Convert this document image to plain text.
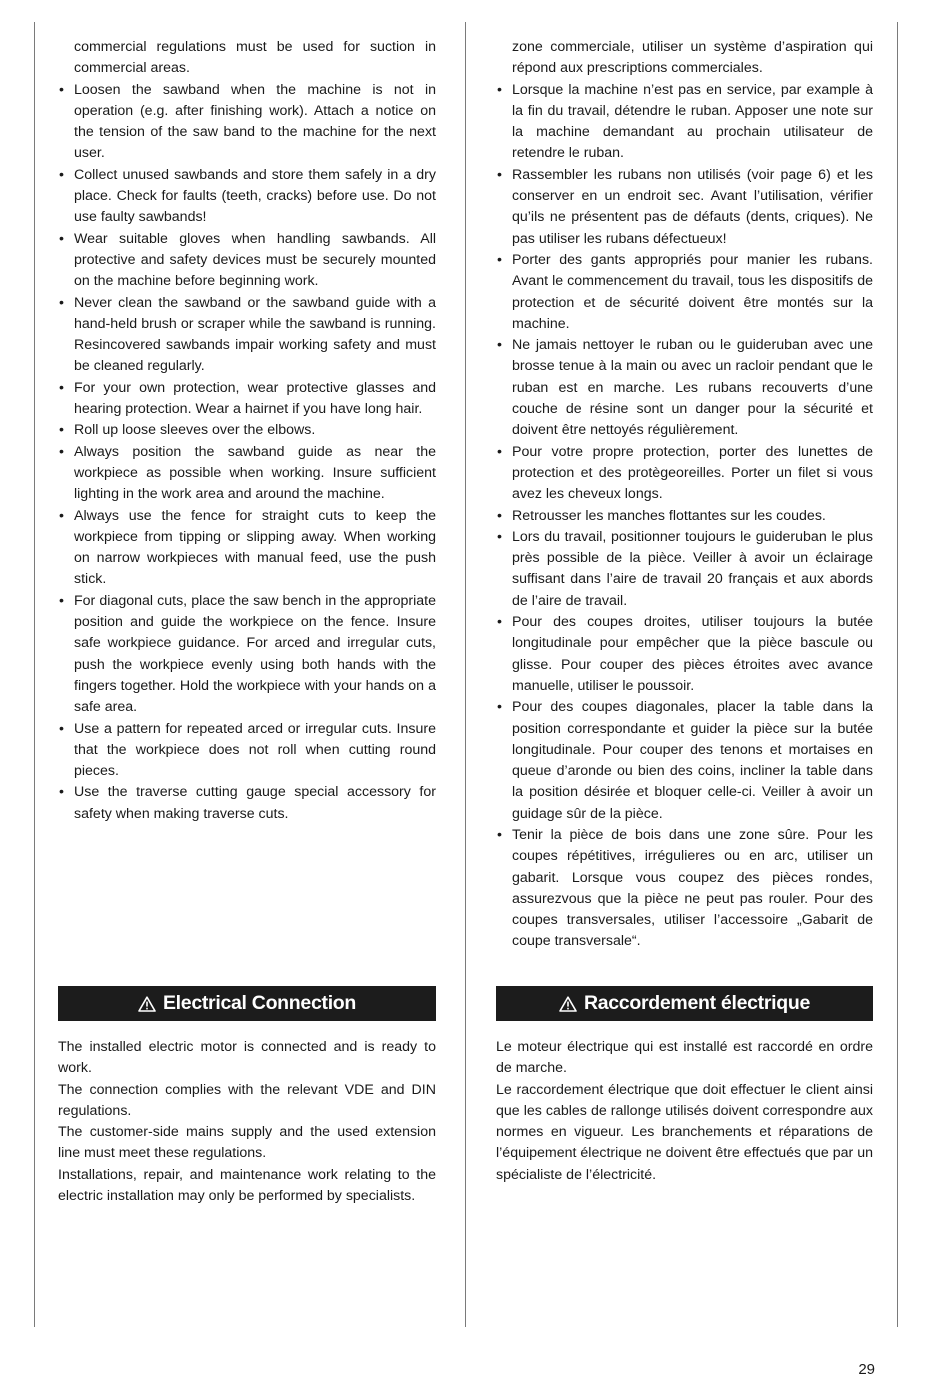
commercial regulations must be used for suction in commercial areas.
• Loosen the sawband when the machine is not in operation (e.g. after finishing work). Attach a notice on the tension of the saw band to the machine for the next user.
• Collect unused sawbands and store them safely in a dry place. Check for faults (teeth, cracks) before use. Do not use faulty sawbands!
• Wear suitable gloves when handling sawbands. All protective and safety devices must be securely mounted on the machine before beginning work.
• Never clean the sawband or the sawband guide with a hand-held brush or scraper while the sawband is running. Resincovered sawbands impair working safety and must be cleaned regularly.
• For your own protection, wear protective glasses and hearing protection. Wear a hairnet if you have long hair.
• Roll up loose sleeves over the elbows.
• Always position the sawband guide as near the workpiece as possible when working. Insure sufficient lighting in the work area and around the machine.
• Always use the fence for straight cuts to keep the workpiece from tipping or slipping away. When working on narrow workpieces with manual feed, use the push stick.
• For diagonal cuts, place the saw bench in the appropriate position and guide the workpiece on the fence. Insure safe workpiece guidance. For arced and irregular cuts, push the workpiece evenly using both hands with the fingers together. Hold the workpiece with your hands on a safe area.
• Use a pattern for repeated arced or irregular cuts. Insure that the workpiece does not roll when cutting round pieces.
• Use the traverse cutting gauge special accessory for safety when making traverse cuts.
zone commerciale, utiliser un système d’aspiration qui répond aux prescriptions commerciales.
• Lorsque la machine n’est pas en service, par example à la fin du travail, détendre le ruban. Apposer une note sur la machine demandant au prochain utilisateur de retendre le ruban.
• Rassembler les rubans non utilisés (voir page 6) et les conserver en un endroit sec. Avant l’utilisation, vérifier qu’ils ne présentent pas de défauts (dents, criques). Ne pas utiliser les rubans défectueux!
• Porter des gants appropriés pour manier les rubans. Avant le commencement du travail, tous les dispositifs de protection et de sécurité doivent être montés sur la machine.
• Ne jamais nettoyer le ruban ou le guideruban avec une brosse tenue à la main ou avec un racloir pendant que le ruban est en marche. Les rubans recouverts d’une couche de résine sont un danger pour la sécurité et doivent être nettoyés régulièrement.
• Pour votre propre protection, porter des lunettes de protection et des protègeoreilles. Porter un filet si vous avez les cheveux longs.
• Retrousser les manches flottantes sur les coudes.
• Lors du travail, positionner toujours le guideruban le plus près possible de la pièce. Veiller à avoir un éclairage suffisant dans l’aire de travail 20 français et aux abords de l’aire de travail.
• Pour des coupes droites, utiliser toujours la butée longitudinale pour empêcher que la pièce bascule ou glisse. Pour couper des pièces étroites avec avance manuelle, utiliser le poussoir.
• Pour des coupes diagonales, placer la table dans la position correspondante et guider la pièce sur la butée longitudinale. Pour couper des tenons et mortaises en queue d’aronde ou bien des coins, incliner la table dans la position désirée et bloquer celle-ci. Veiller à avoir un guidage sûr de la pièce.
• Tenir la pièce de bois dans une zone sûre. Pour les coupes répétitives, irrégulieres ou en arc, utiliser un gabarit. Lorsque vous coupez des pièces rondes, assurezvous que la pièce ne peut pas rouler. Pour des coupes transversales, utiliser l’accessoire „Gabarit de coupe transversale“.
Electrical Connection	Raccordement électrique

The installed electric motor is connected and is ready to work.

The connection complies with the relevant VDE and DIN regulations.

The customer-side mains supply and the used extension line must meet these regulations.

Installations, repair, and maintenance work relating to the electric installation may only be performed by specialists.

Le moteur électrique qui est installé est raccordé en ordre de marche.

Le raccordement électrique que doit effectuer le client ainsi que les cables de rallonge utilisés doivent correspondre aux normes en vigueur. Les branchements et réparations de l’équipement électrique ne doivent être effectués que par un spécialiste de l’électricité.

29
